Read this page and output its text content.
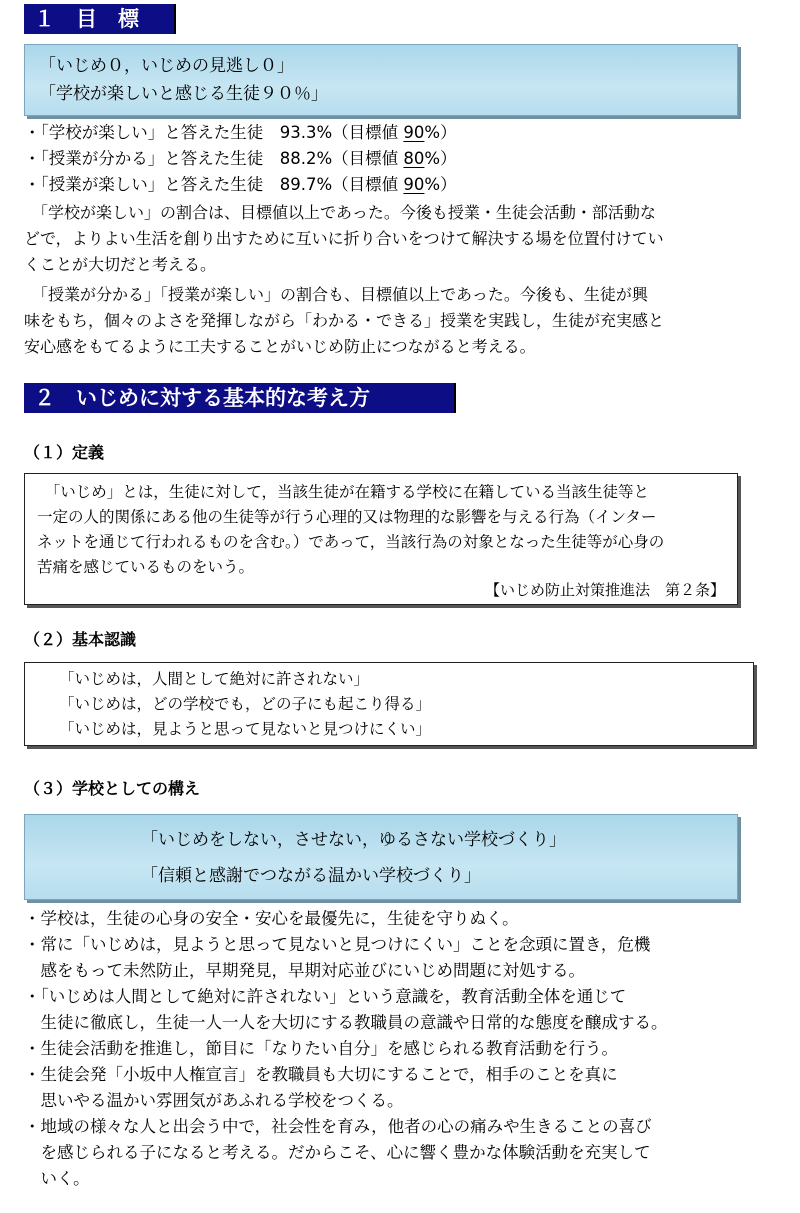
１　目　標
「いじめ０，いじめの見逃し０」
「学校が楽しいと感じる生徒９０％」
・「学校が楽しい」と答えた生徒　93.3%（目標値 90%）
・「授業が分かる」と答えた生徒　88.2%（目標値 80%）
・「授業が楽しい」と答えた生徒　89.7%（目標値 90%）
　「学校が楽しい」の割合は、目標値以上であった。今後も授業・生徒会活動・部活動な
どで，よりよい生活を創り出すために互いに折り合いをつけて解決する場を位置付けてい
くことが大切だと考える。
　「授業が分かる」「授業が楽しい」の割合も、目標値以上であった。今後も、生徒が興
味をもち，個々のよさを発揮しながら「わかる・できる」授業を実践し，生徒が充実感と
安心感をもてるように工夫することがいじめ防止につながると考える。
２　いじめに対する基本的な考え方
（１）定義
　「いじめ」とは，生徒に対して，当該生徒が在籍する学校に在籍している当該生徒等と
一定の人的関係にある他の生徒等が行う心理的又は物理的な影響を与える行為（インター
ネットを通じて行われるものを含む。）であって，当該行為の対象となった生徒等が心身の
苦痛を感じているものをいう。
【いじめ防止対策推進法　第２条】
（２）基本認識
「いじめは，人間として絶対に許されない」
「いじめは，どの学校でも，どの子にも起こり得る」
「いじめは，見ようと思って見ないと見つけにくい」
（３）学校としての構え
「いじめをしない，させない，ゆるさない学校づくり」
「信頼と感謝でつながる温かい学校づくり」
・学校は，生徒の心身の安全・安心を最優先に，生徒を守りぬく。
・常に「いじめは，見ようと思って見ないと見つけにくい」ことを念頭に置き，危機
　感をもって未然防止，早期発見，早期対応並びにいじめ問題に対処する。
・「いじめは人間として絶対に許されない」という意識を，教育活動全体を通じて
　生徒に徹底し，生徒一人一人を大切にする教職員の意識や日常的な態度を醸成する。
・生徒会活動を推進し，節目に「なりたい自分」を感じられる教育活動を行う。
・生徒会発「小坂中人権宣言」を教職員も大切にすることで，相手のことを真に
　思いやる温かい雰囲気があふれる学校をつくる。
・地域の様々な人と出会う中で，社会性を育み，他者の心の痛みや生きることの喜び
　を感じられる子になると考える。だからこそ、心に響く豊かな体験活動を充実して
　いく。
